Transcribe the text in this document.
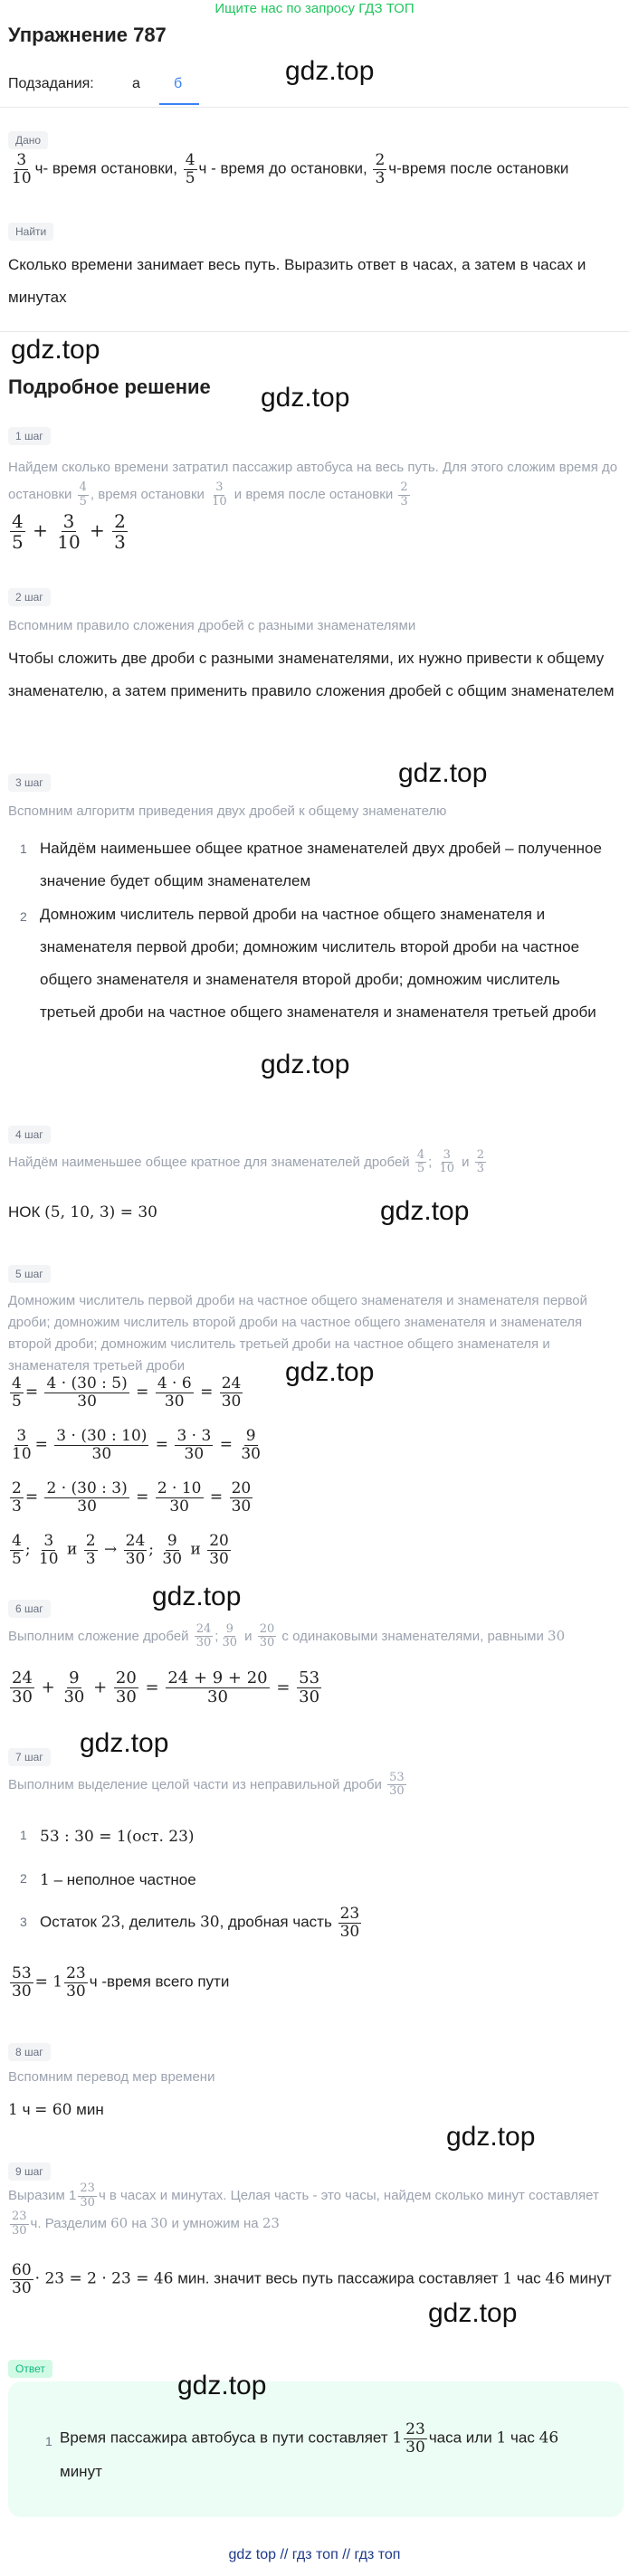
Ищите нас по запросу ГДЗ ТОП
Упражнение 787
Подзадания:	а б	gdz.top
Дано
$\frac{3}{10} ч-$ время остановки, $\frac{4}{5}$ ч - время до остановки, $\frac{2}{3}$ ч-время после остановки
Найти
Сколько времени занимает весь путь. Выразить ответ в часах, а затем в часах и минутах
gdz.top
Подробное решение gdz.top
1 шаг
Найдем сколько времени затратил пассажир автобуса на весь путь. Для этого сложим время до остановки $\frac{4}{5}$ , время остановки $\frac{3}{10}$ и время после остановки $\frac{2}{3}$
$\frac{4}{5} + \frac{3}{10} + \frac{2}{3}$
2 шаг
Вспомним правило сложения дробей с разными знаменателями
Чтобы сложить две дроби с разными знаменателями, их нужно привести к общему знаменателю, а затем применить правило сложения дробей с общим знаменателем
gdz.top
3 шаг
Вспомним алгоритм приведения двух дробей к общему знаменателю
1 Найдём наименьшее общее кратное знаменателей двух дробей – полученное значение будет общим знаменателем
2 Домножим числитель первой дроби на частное общего знаменателя и знаменателя первой дроби; домножим числитель второй дроби на частное общего знаменателя и знаменателя второй дроби; домножим числитель третьей дроби на частное общего знаменателя и знаменателя третьей дроби
gdz.top
4 шаг
Найдём наименьшее общее кратное для знаменателей дробей $\frac{4}{5}$ ; $\frac{3}{10}$ и $\frac{2}{3}$
НОК (5, 10, 3) = 30	gdz.top
5 шаг
Домножим числитель первой дроби на частное общего знаменателя и знаменателя первой дроби; домножим числитель второй дроби на частное общего знаменателя и знаменателя второй дроби; домножим числитель третьей дроби на частное общего знаменателя и знаменателя третьей дроби
$\frac{4}{5} = \frac{4 \cdot (30 : 5)}{30} = \frac{4 \cdot 6}{30} = \frac{24}{30}$
$\frac{3}{10} = \frac{3 \cdot (30 : 10)}{30} = \frac{3 \cdot 3}{30} = \frac{9}{30}$
$\frac{2}{3} = \frac{2 \cdot (30 : 3)}{30} = \frac{2 \cdot 10}{30} = \frac{20}{30}$
$\frac{4}{5}$ ; $\frac{3}{10}$ и $\frac{2}{3} \to \frac{24}{30}$ ; $\frac{9}{30}$ и $\frac{20}{30}$
gdz.top
gdz.top
6 шаг
Выполним сложение дробей $\frac{24}{30}$ ; $\frac{9}{30}$ и $\frac{20}{30}$ с одинаковыми знаменателями, равными 30
$\frac{24}{30} + \frac{9}{30} + \frac{20}{30} = \frac{24 + 9 + 20}{30} = \frac{53}{30}$
gdz.top
7 шаг
Выполним выделение целой части из неправильной дроби $\frac{53}{30}$
1 53 : 30 = 1(ост. 23)
2 1 – неполное частное
3 Остаток 23, делитель 30, дробная часть $\frac{23}{30}$
$\frac{53}{30} = 1 \frac{23}{30}$ ч -время всего пути
8 шаг
Вспомним перевод мер времени
1 ч = 60 мин
gdz.top
9 шаг
Выразим $1 \frac{23}{30}$ ч в часах и минутах. Целая часть - это часы, найдем сколько минут составляет
$\frac{23}{30} ч$. Разделим 60 на 30 и умножим на 23
$\frac{60}{30} \cdot 23 = 2 \cdot 23 = 46$ мин. значит весь путь пассажира составляет 1 час 46 минут
gdz.top
Ответ
gdz.top
1 Время пассажира автобуса в пути составляет $1 \frac{23}{30}$ часа или 1 час 46 минут
gdz top // гдз топ // гдз топ
